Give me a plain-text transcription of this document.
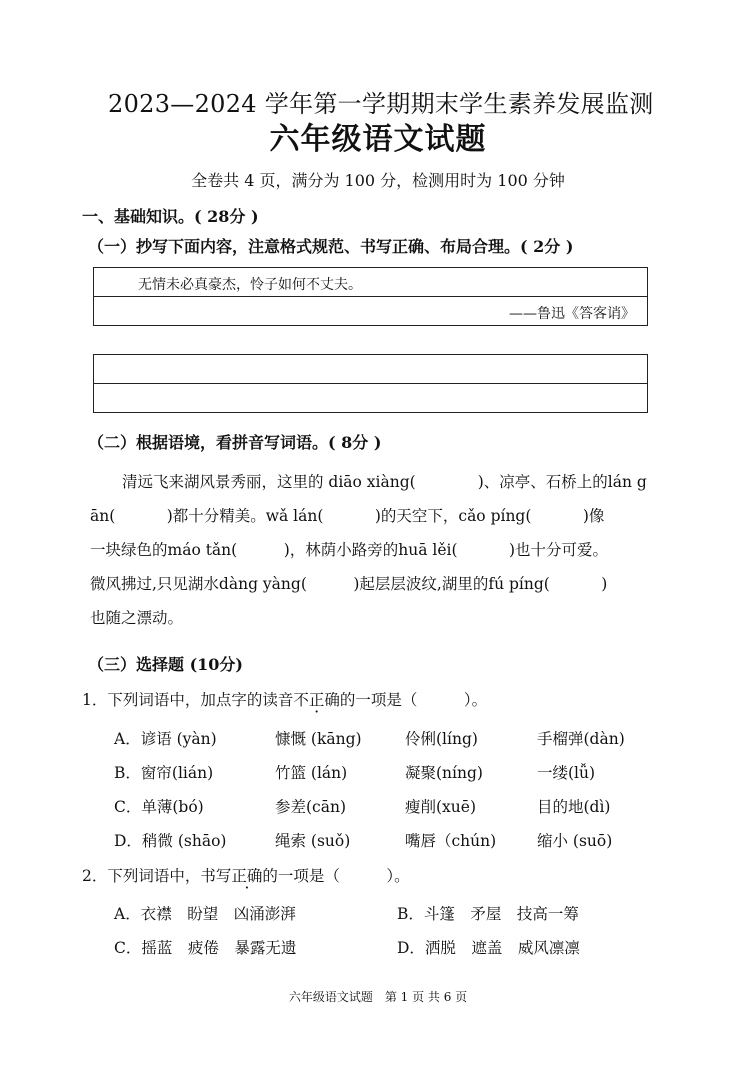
2023—2024 学年第一学期期末学生素养发展监测
六年级语文试题
全卷共 4 页，满分为 100 分，检测用时为 100 分钟
一、基础知识。( 28分 )
（一）抄写下面内容，注意格式规范、书写正确、布局合理。( 2分 )
无情未必真豪杰，怜子如何不丈夫。
——鲁迅《答客诮》
（二）根据语境，看拼音写词语。( 8分 )
清远飞来湖风景秀丽，这里的 diāo xiàng(　　　　)、凉亭、石桥上的lán g
ān(　　　 )都十分精美。wǎ lán(　　　 )的天空下，cǎo píng(　　　 )像
一块绿色的máo tǎn(　　　)，林荫小路旁的huā lěi(　　　 )也十分可爱。
微风拂过,只见湖水dàng yàng(　　　)起层层波纹,湖里的fú píng(　　　 )
也随之漂动。
（三）选择题 (10分)
1．下列词语中，加点字的读音不正确的一项是（　　　）。
A．谚语 (yàn)	慷慨 (kāng)	伶俐(líng)	手榴弹(dàn)
B．窗帘(lián)	竹篮 (lán)	凝聚(níng)	一缕(lǚ)
C．单薄(bó)	参差(cān)	瘦削(xuē)	目的地(dì)
D．稍微 (shāo)	绳索 (suǒ)	嘴唇（chún)	缩小 (suō)
2．下列词语中，书写正确的一项是（　　　）。
A．衣襟　盼望　凶涌澎湃	B．斗篷　矛屋　技高一筹
C．摇蓝　疲倦　暴露无遗	D．洒脱　遮盖　威风凛凛
六年级语文试题　第 1 页 共 6 页
